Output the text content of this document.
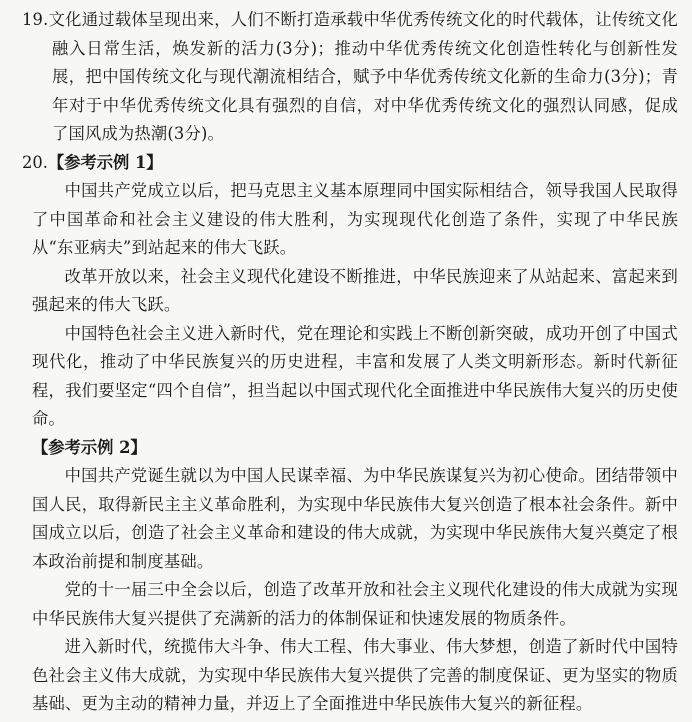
19.文化通过载体呈现出来，人们不断打造承载中华优秀传统文化的时代载体，让传统文化融入日常生活，焕发新的活力(3分)；推动中华优秀传统文化创造性转化与创新性发展，把中国传统文化与现代潮流相结合，赋予中华优秀传统文化新的生命力(3分)；青年对于中华优秀传统文化具有强烈的自信，对中华优秀传统文化的强烈认同感，促成了国风成为热潮(3分)。

20.【参考示例 1】

中国共产党成立以后，把马克思主义基本原理同中国实际相结合，领导我国人民取得了中国革命和社会主义建设的伟大胜利，为实现现代化创造了条件，实现了中华民族从“东亚病夫”到站起来的伟大飞跃。

改革开放以来，社会主义现代化建设不断推进，中华民族迎来了从站起来、富起来到强起来的伟大飞跃。

中国特色社会主义进入新时代，党在理论和实践上不断创新突破，成功开创了中国式现代化，推动了中华民族复兴的历史进程，丰富和发展了人类文明新形态。新时代新征程，我们要坚定“四个自信”，担当起以中国式现代化全面推进中华民族伟大复兴的历史使命。

【参考示例 2】

中国共产党诞生就以为中国人民谋幸福、为中华民族谋复兴为初心使命。团结带领中国人民，取得新民主主义革命胜利，为实现中华民族伟大复兴创造了根本社会条件。新中国成立以后，创造了社会主义革命和建设的伟大成就，为实现中华民族伟大复兴奠定了根本政治前提和制度基础。

党的十一届三中全会以后，创造了改革开放和社会主义现代化建设的伟大成就为实现中华民族伟大复兴提供了充满新的活力的体制保证和快速发展的物质条件。

进入新时代，统揽伟大斗争、伟大工程、伟大事业、伟大梦想，创造了新时代中国特色社会主义伟大成就，为实现中华民族伟大复兴提供了完善的制度保证、更为坚实的物质基础、更为主动的精神力量，并迈上了全面推进中华民族伟大复兴的新征程。
